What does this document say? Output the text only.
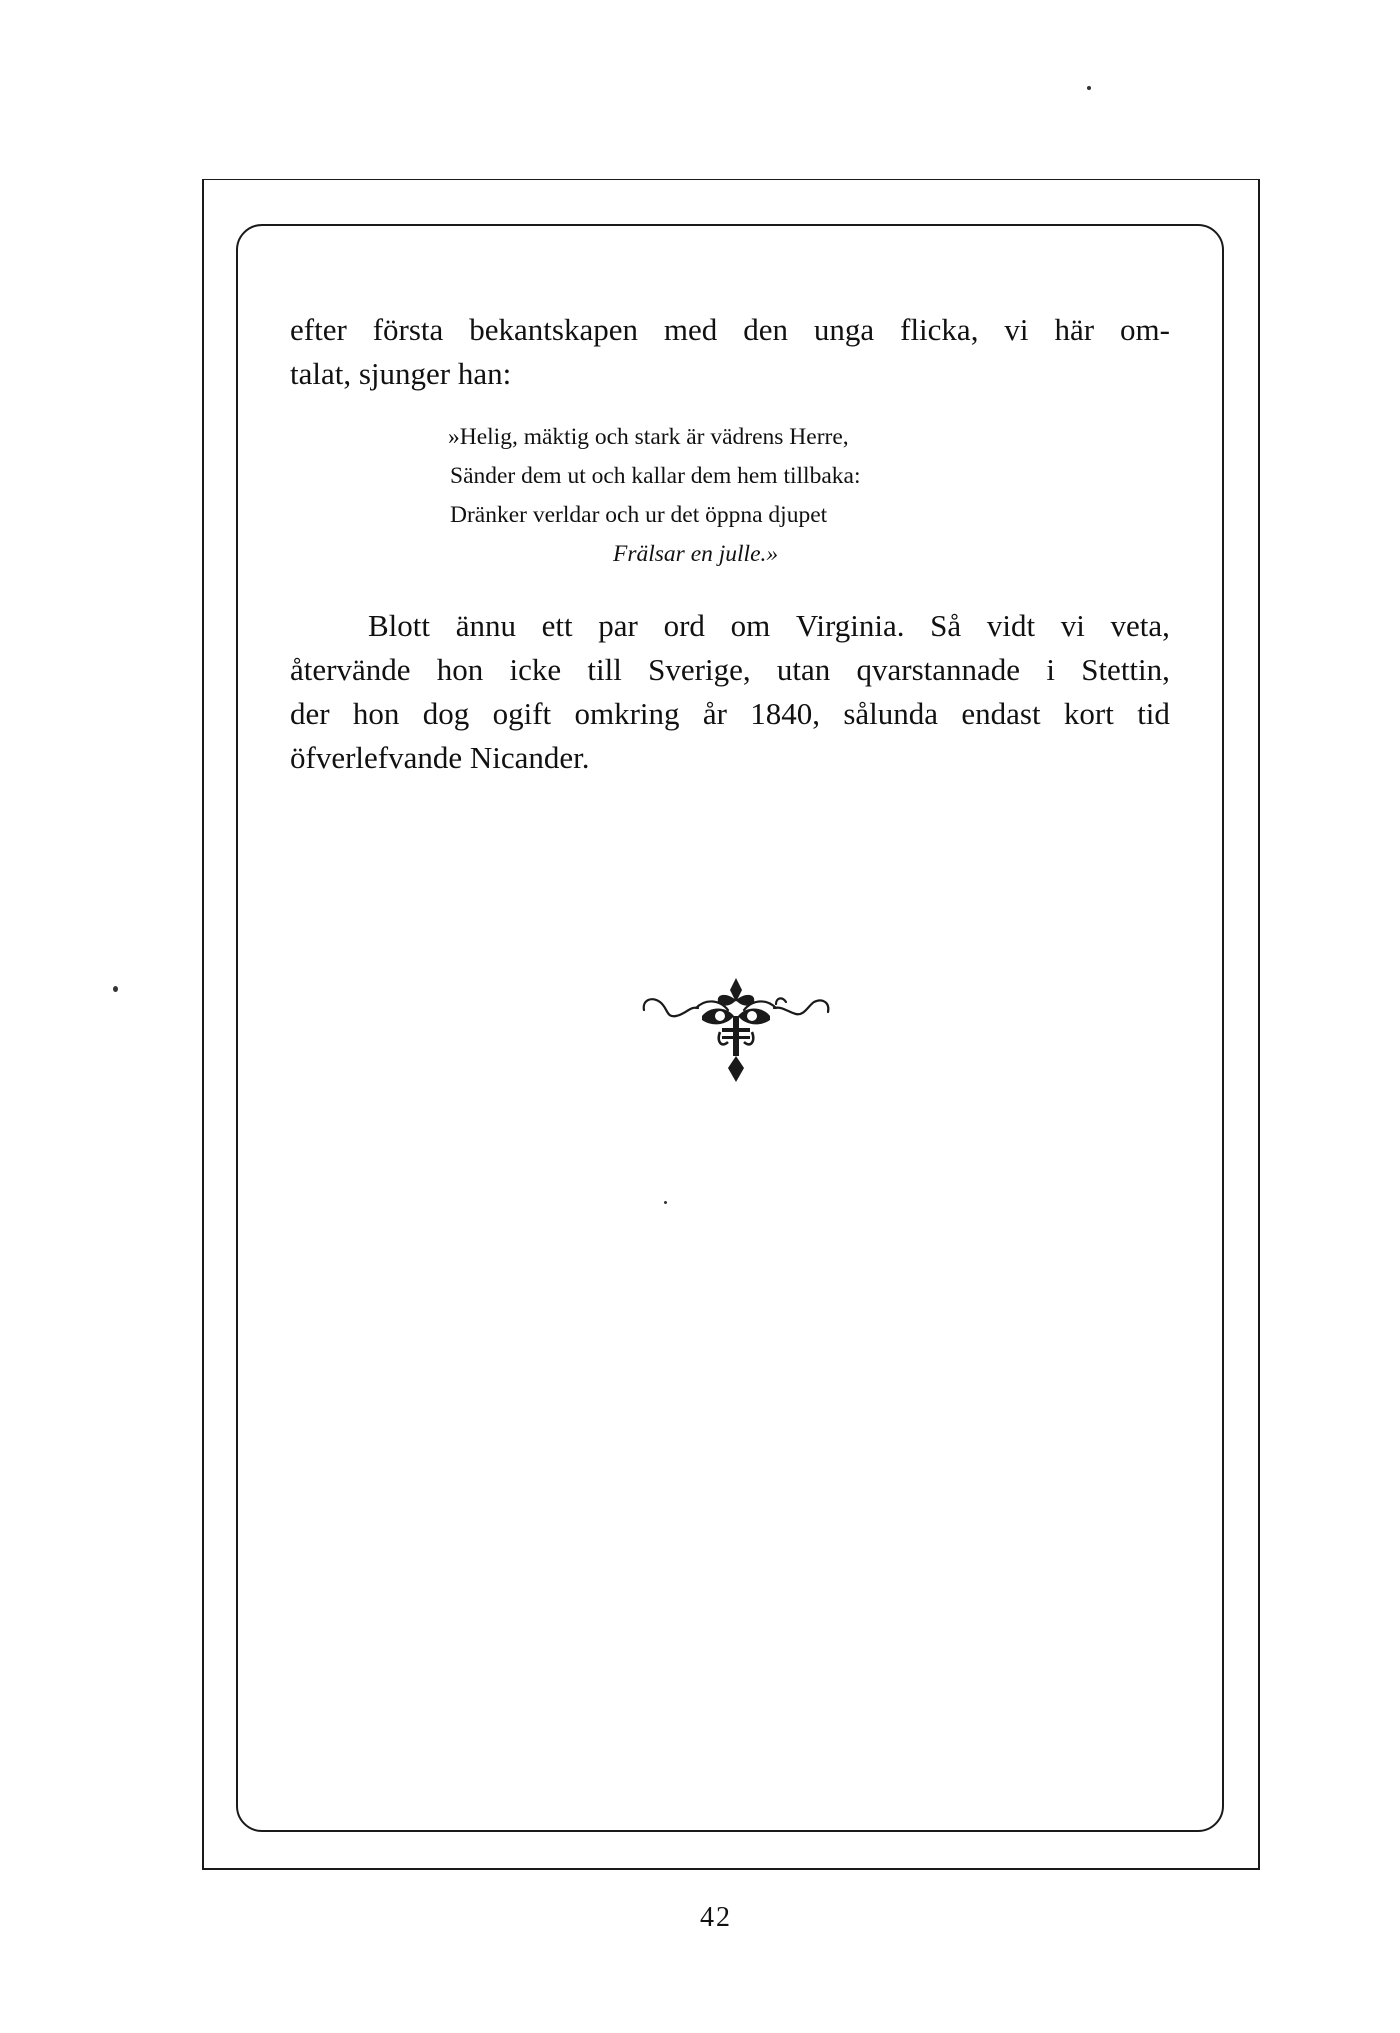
efter första bekantskapen med den unga flicka, vi här om-
talat, sjunger han:
»Helig, mäktig och stark är vädrens Herre,
Sänder dem ut och kallar dem hem tillbaka:
Dränker verldar och ur det öppna djupet
Frälsar en julle.»
Blott ännu ett par ord om Virginia. Så vidt vi veta,
återvände hon icke till Sverige, utan qvarstannade i Stettin,
der hon dog ogift omkring år 1840, sålunda endast kort tid
öfverlefvande Nicander.
42
